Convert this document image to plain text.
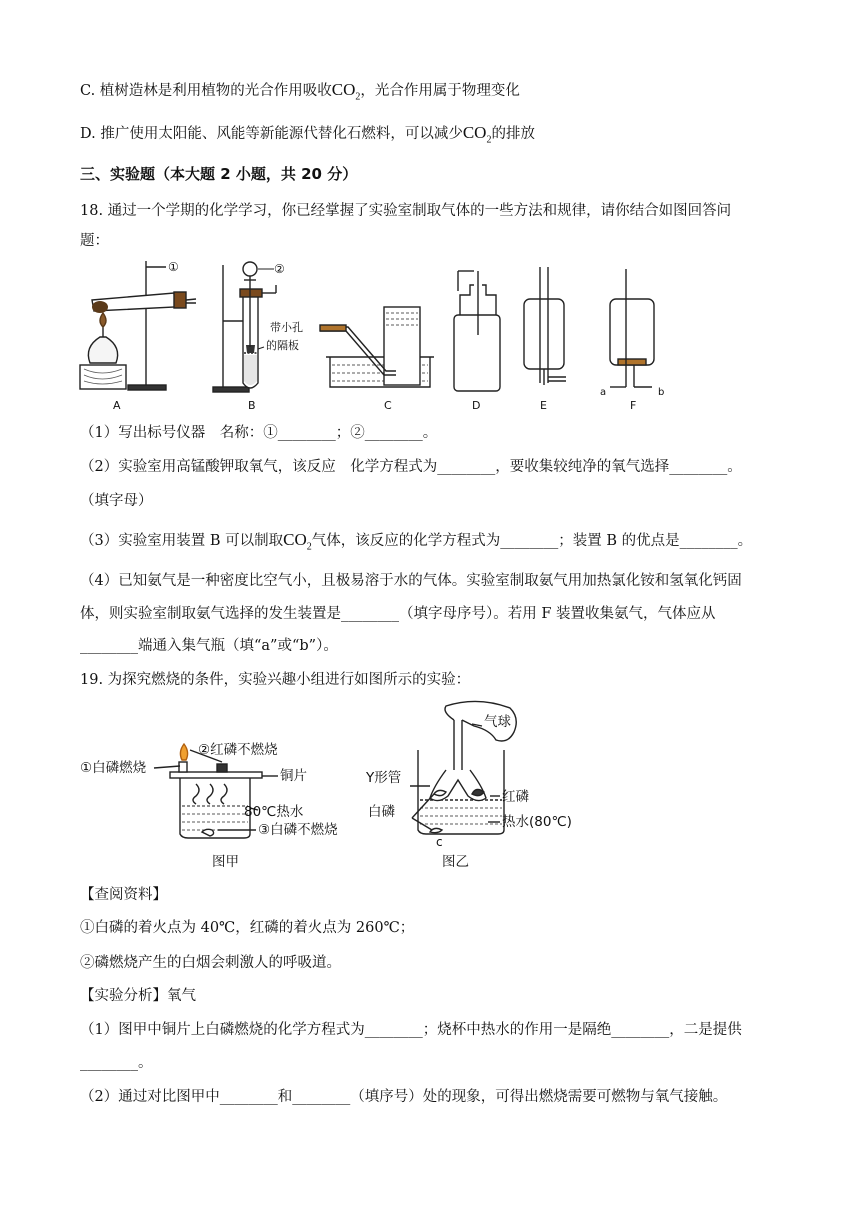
C. 植树造林是利用植物的光合作用吸收$CO_2$，光合作用属于物理变化
D. 推广使用太阳能、风能等新能源代替化石燃料，可以减少$CO_2$的排放
三、实验题（本大题 2 小题，共 20 分）
18. 通过一个学期的化学学习，你已经掌握了实验室制取气体的一些方法和规律，请你结合如图回答问
题：
①	②
带小孔
的隔板
A	B	C	D	E	F
a	b
（1）写出标号仪器　名称：①________；②________。
（2）实验室用高锰酸钾取氧气，该反应　化学方程式为________，要收集较纯净的氧气选择________。
（填字母）
（3）实验室用装置 B 可以制取$CO_2$气体，该反应的化学方程式为________；装置 B 的优点是________。
（4）已知氨气是一种密度比空气小，且极易溶于水的气体。实验室制取氨气用加热氯化铵和氢氧化钙固
体，则实验室制取氨气选择的发生装置是________（填字母序号）。若用 F 装置收集氨气，气体应从
________端通入集气瓶（填“a”或“b”）。
19. 为探究燃烧的条件，实验兴趣小组进行如图所示的实验：
①白磷燃烧
②红磷不燃烧
铜片
80℃热水
③白磷不燃烧
图甲
气球
Y形管
红磷
白磷
热水(80℃)
c
图乙
【查阅资料】
①白磷的着火点为 40℃，红磷的着火点为 260℃；
②磷燃烧产生的白烟会刺激人的呼吸道。
【实验分析】氧气
（1）图甲中铜片上白磷燃烧的化学方程式为________；烧杯中热水的作用一是隔绝________，二是提供
________。
（2）通过对比图甲中________和________（填序号）处的现象，可得出燃烧需要可燃物与氧气接触。
